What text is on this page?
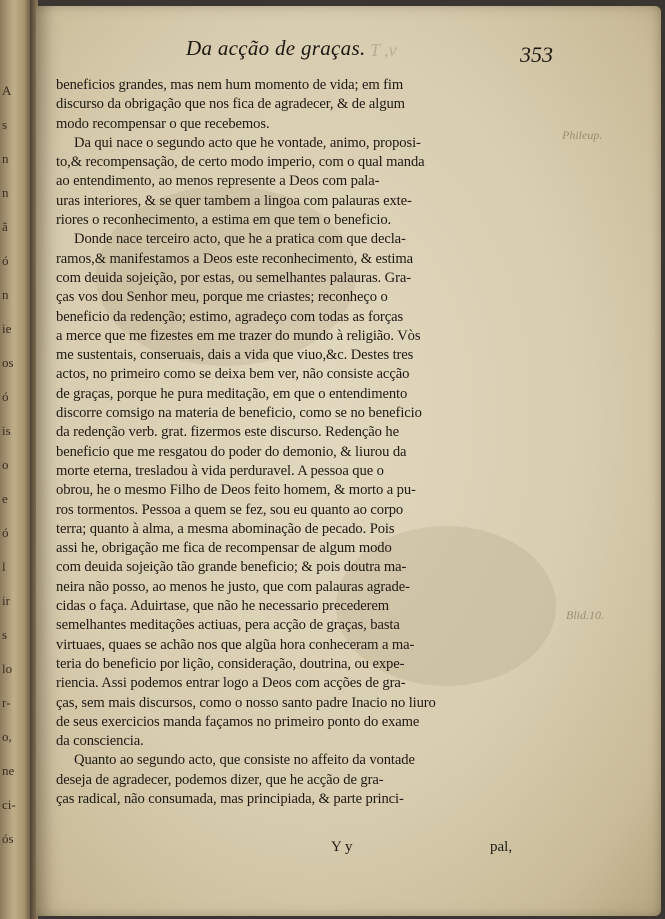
A
s
n
n
ã
ó
n
ie
os
ó
is
o
e
ó
l
ir
s
lo
r-
o,
ne
ci-
ós
Da acção de graças. T ,v	353
Phileup.
Blid.10.
beneficios grandes, mas nem hum momento de vida; em fim
discurso da obrigação que nos fica de agradecer, & de algum
modo recompensar o que recebemos.
Da qui nace o segundo acto que he vontade, animo, proposi-
to,& recompensação, de certo modo imperio, com o qual manda
ao entendimento, ao menos represente a Deos com pala-
uras interiores, & se quer tambem a lingoa com palauras exte-
riores o reconhecimento, a estima em que tem o beneficio.
Donde nace terceiro acto, que he a pratica com que decla-
ramos,& manifestamos a Deos este reconhecimento, & estima
com deuida sojeição, por estas, ou semelhantes palauras. Gra-
ças vos dou Senhor meu, porque me criastes; reconheço o
beneficio da redenção; estimo, agradeço com todas as forças
a merce que me fizestes em me trazer do mundo à religião. Vòs
me sustentais, conseruais, dais a vida que viuo,&c. Destes tres
actos, no primeiro como se deixa bem ver, não consiste acção
de graças, porque he pura meditação, em que o entendimento
discorre comsigo na materia de beneficio, como se no beneficio
da redenção verb. grat. fizermos este discurso. Redenção he
beneficio que me resgatou do poder do demonio, & liurou da
morte eterna, tresladou à vida perduravel. A pessoa que o
obrou, he o mesmo Filho de Deos feito homem, & morto a pu-
ros tormentos. Pessoa a quem se fez, sou eu quanto ao corpo
terra; quanto à alma, a mesma abominação de pecado. Pois
assi he, obrigação me fica de recompensar de algum modo
com deuida sojeição tão grande beneficio; & pois doutra ma-
neira não posso, ao menos he justo, que com palauras agrade-
cidas o faça. Aduirtase, que não he necessario precederem
semelhantes meditações actiuas, pera acção de graças, basta
virtuaes, quaes se achão nos que algũa hora conheceram a ma-
teria do beneficio por lição, consideração, doutrina, ou expe-
riencia. Assi podemos entrar logo a Deos com acções de gra-
ças, sem mais discursos, como o nosso santo padre Inacio no liuro
de seus exercicios manda façamos no primeiro ponto do exame
da consciencia.
Quanto ao segundo acto, que consiste no affeito da vontade
deseja de agradecer, podemos dizer, que he acção de gra-
ças radical, não consumada, mas principiada, & parte princi-
Y y	pal,
